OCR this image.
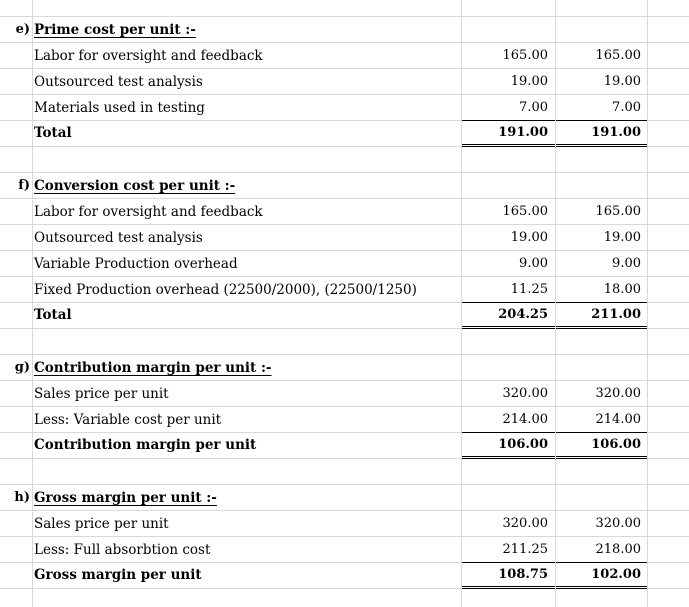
e) Prime cost per unit :-
Labor for oversight and feedback	165.00	165.00
Outsourced test analysis	19.00	19.00
Materials used in testing	7.00	7.00
Total	191.00	191.00
f) Conversion cost per unit :-
Labor for oversight and feedback	165.00	165.00
Outsourced test analysis	19.00	19.00
Variable Production overhead	9.00	9.00
Fixed Production overhead (22500/2000), (22500/1250)	11.25	18.00
Total	204.25	211.00
g) Contribution margin per unit :-
Sales price per unit	320.00	320.00
Less: Variable cost per unit	214.00	214.00
Contribution margin per unit	106.00	106.00
h) Gross margin per unit :-
Sales price per unit	320.00	320.00
Less: Full absorbtion cost	211.25	218.00
Gross margin per unit	108.75	102.00
